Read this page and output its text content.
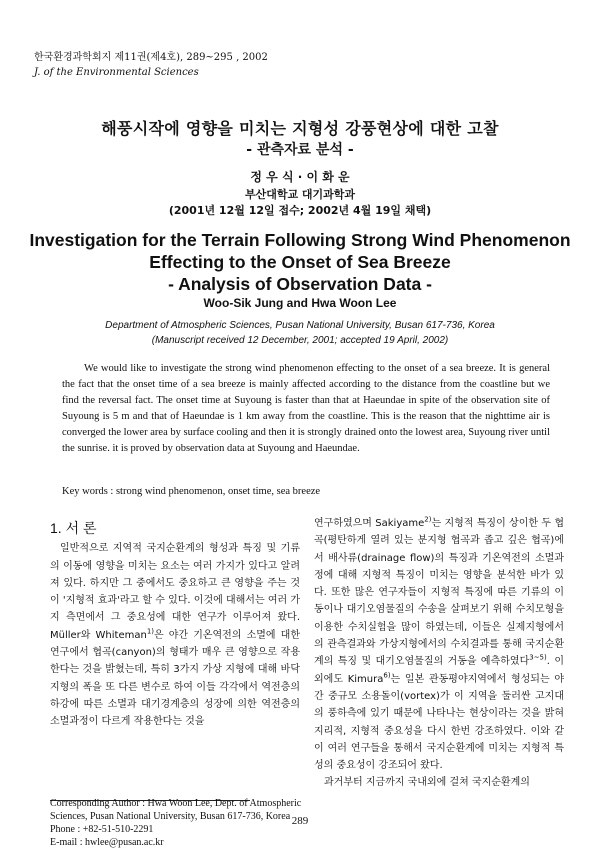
한국환경과학회지 제11권(제4호), 289~295 , 2002
J. of the Environmental Sciences
해풍시작에 영향을 미치는 지형성 강풍현상에 대한 고찰
- 관측자료 분석 -
정 우 식 · 이 화 운
부산대학교 대기과학과
(2001년 12월 12일 접수; 2002년 4월 19일 채택)
Investigation for the Terrain Following Strong Wind Phenomenon
Effecting to the Onset of Sea Breeze
- Analysis of Observation Data -
Woo-Sik Jung and Hwa Woon Lee
Department of Atmospheric Sciences, Pusan National University, Busan 617-736, Korea
(Manuscript received 12 December, 2001; accepted 19 April, 2002)
We would like to investigate the strong wind phenomenon effecting to the onset of a sea breeze. It is general the fact that the onset time of a sea breeze is mainly affected according to the distance from the coastline but we find the reversal fact. The onset time at Suyoung is faster than that at Haeundae in spite of the observation site of Suyoung is 5 m and that of Haeundae is 1 km away from the coastline. This is the reason that the nighttime air is converged the lower area by surface cooling and then it is strongly drained onto the lowest area, Suyoung river until the sunrise. it is proved by observation data at Suyoung and Haeundae.
Key words : strong wind phenomenon, onset time, sea breeze
1. 서 론
일반적으로 지역적 국지순환계의 형성과 특징 및 기류의 이동에 영향을 미치는 요소는 여러 가지가 있다고 알려져 있다. 하지만 그 중에서도 중요하고 큰 영향을 주는 것이 '지형적 효과'라고 할 수 있다. 이것에 대해서는 여러 가지 측면에서 그 중요성에 대한 연구가 이루어져 왔다. Müller와 Whiteman$^{1)}$은 야간 기온역전의 소멸에 대한 연구에서 협곡(canyon)의 형태가 매우 큰 영향으로 작용한다는 것을 밝혔는데, 특히 3가지 가상 지형에 대해 바닥 지형의 폭을 또 다른 변수로 하여 이들 각각에서 역전층의 하강에 따른 소멸과 대기경계층의 성장에 의한 역전층의 소멸과정이 다르게 작용한다는 것을
연구하였으며 Sakiyame$^{2)}$는 지형적 특징이 상이한 두 협곡(평탄하게 열려 있는 분지형 협곡과 좁고 깊은 협곡)에서 배사류(drainage flow)의 특징과 기온역전의 소멸과정에 대해 지형적 특징이 미치는 영향을 분석한 바가 있다. 또한 많은 연구자들이 지형적 특징에 따른 기류의 이동이나 대기오염물질의 수송을 살펴보기 위해 수치모형을 이용한 수치실험을 많이 하였는데, 이들은 실제지형에서의 관측결과와 가상지형에서의 수치결과를 통해 국지순환계의 특징 및 대기오염물질의 거동을 예측하였다$^{3\sim 5)}$. 이외에도 Kimura$^{6)}$는 일본 관동평야지역에서 형성되는 야간 중규모 소용돌이(vortex)가 이 지역을 둘러싼 고지대의 풍하측에 있기 때문에 나타나는 현상이라는 것을 밝혀 지리적, 지형적 중요성을 다시 한번 강조하였다. 이와 같이 여러 연구들을 통해서 국지순환계에 미치는 지형적 특성의 중요성이 강조되어 왔다.
과거부터 지금까지 국내외에 걸쳐 국지순환계의
Corresponding Author : Hwa Woon Lee, Dept. of Atmospheric Sciences, Pusan National University, Busan 617-736, Korea
Phone : +82-51-510-2291
E-mail : hwlee@pusan.ac.kr
289
